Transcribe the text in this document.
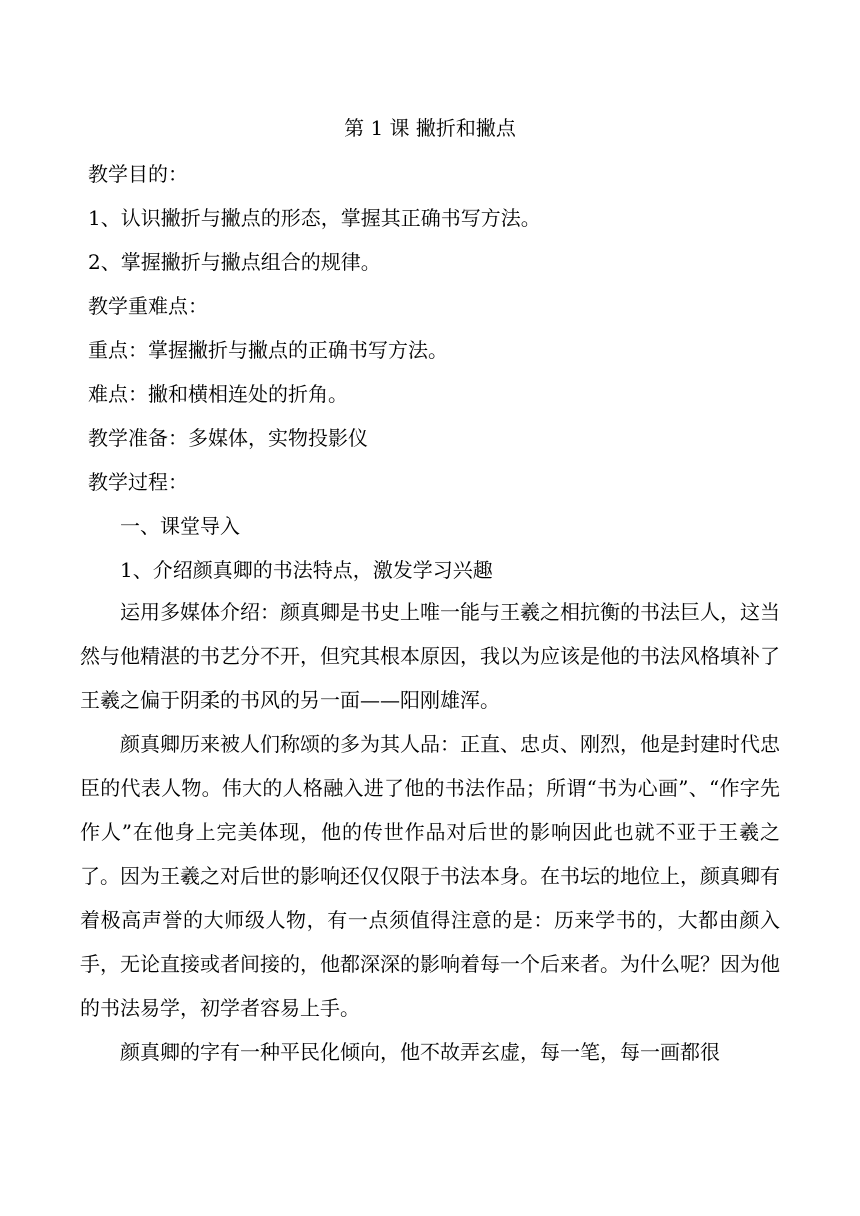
第 1 课 撇折和撇点
教学目的：
1、认识撇折与撇点的形态，掌握其正确书写方法。
2、掌握撇折与撇点组合的规律。
教学重难点：
重点：掌握撇折与撇点的正确书写方法。
难点：撇和横相连处的折角。
教学准备：多媒体，实物投影仪
教学过程：
一、课堂导入
1、介绍颜真卿的书法特点，激发学习兴趣
运用多媒体介绍：颜真卿是书史上唯一能与王羲之相抗衡的书法巨人，这当然与他精湛的书艺分不开，但究其根本原因，我以为应该是他的书法风格填补了王羲之偏于阴柔的书风的另一面——阳刚雄浑。
颜真卿历来被人们称颂的多为其人品：正直、忠贞、刚烈，他是封建时代忠臣的代表人物。伟大的人格融入进了他的书法作品；所谓“书为心画”、“作字先作人”在他身上完美体现，他的传世作品对后世的影响因此也就不亚于王羲之了。因为王羲之对后世的影响还仅仅限于书法本身。在书坛的地位上，颜真卿有着极高声誉的大师级人物，有一点须值得注意的是：历来学书的，大都由颜入手，无论直接或者间接的，他都深深的影响着每一个后来者。为什么呢？因为他的书法易学，初学者容易上手。
颜真卿的字有一种平民化倾向，他不故弄玄虚，每一笔，每一画都很
